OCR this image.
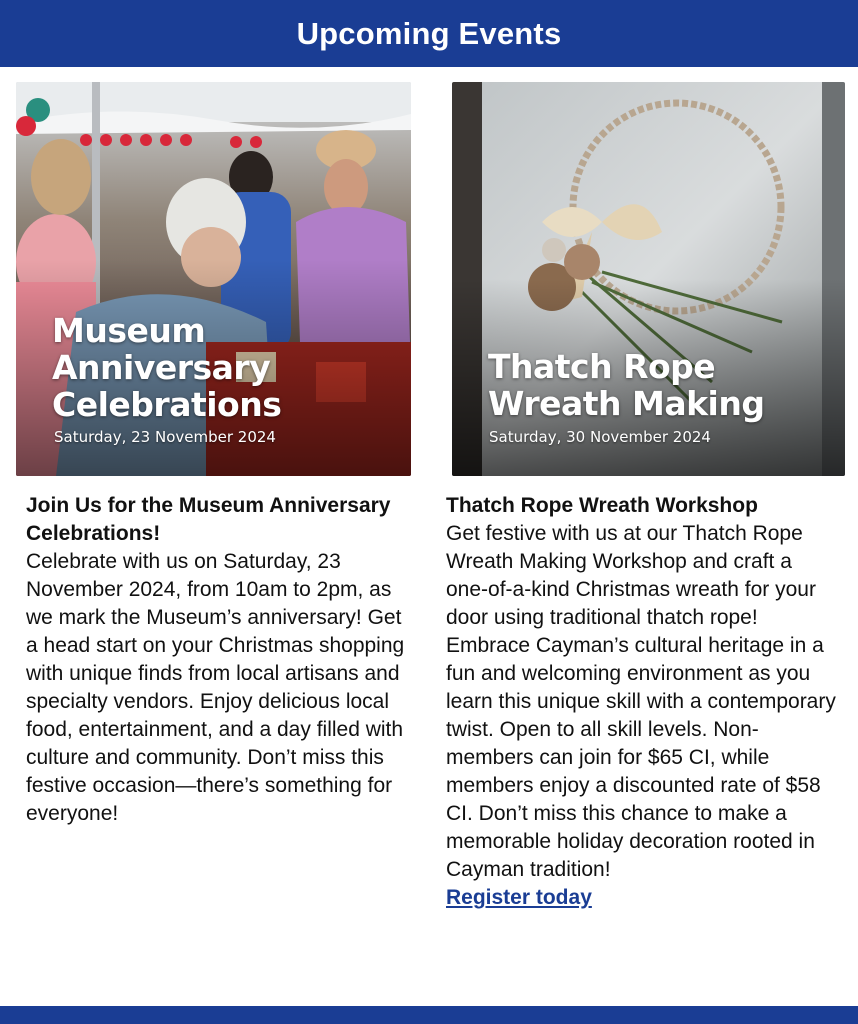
Upcoming Events
Museum
Anniversary
Celebrations
Saturday, 23 November 2024
Thatch Rope
Wreath Making
Saturday, 30 November 2024
Join Us for the Museum Anniversary Celebrations!

Celebrate with us on Saturday, 23 November 2024, from 10am to 2pm, as we mark the Museum’s anniversary! Get a head start on your Christmas shopping with unique finds from local artisans and specialty vendors. Enjoy delicious local food, entertainment, and a day filled with culture and community. Don’t miss this festive occasion—there’s something for everyone!

Thatch Rope Wreath Workshop

Get festive with us at our Thatch Rope Wreath Making Workshop and craft a one-of-a-kind Christmas wreath for your door using traditional thatch rope! Embrace Cayman’s cultural heritage in a fun and welcoming environment as you learn this unique skill with a contemporary twist. Open to all skill levels. Non-members can join for $65 CI, while members enjoy a discounted rate of $58 CI. Don’t miss this chance to make a memorable holiday decoration rooted in Cayman tradition!

Register today
